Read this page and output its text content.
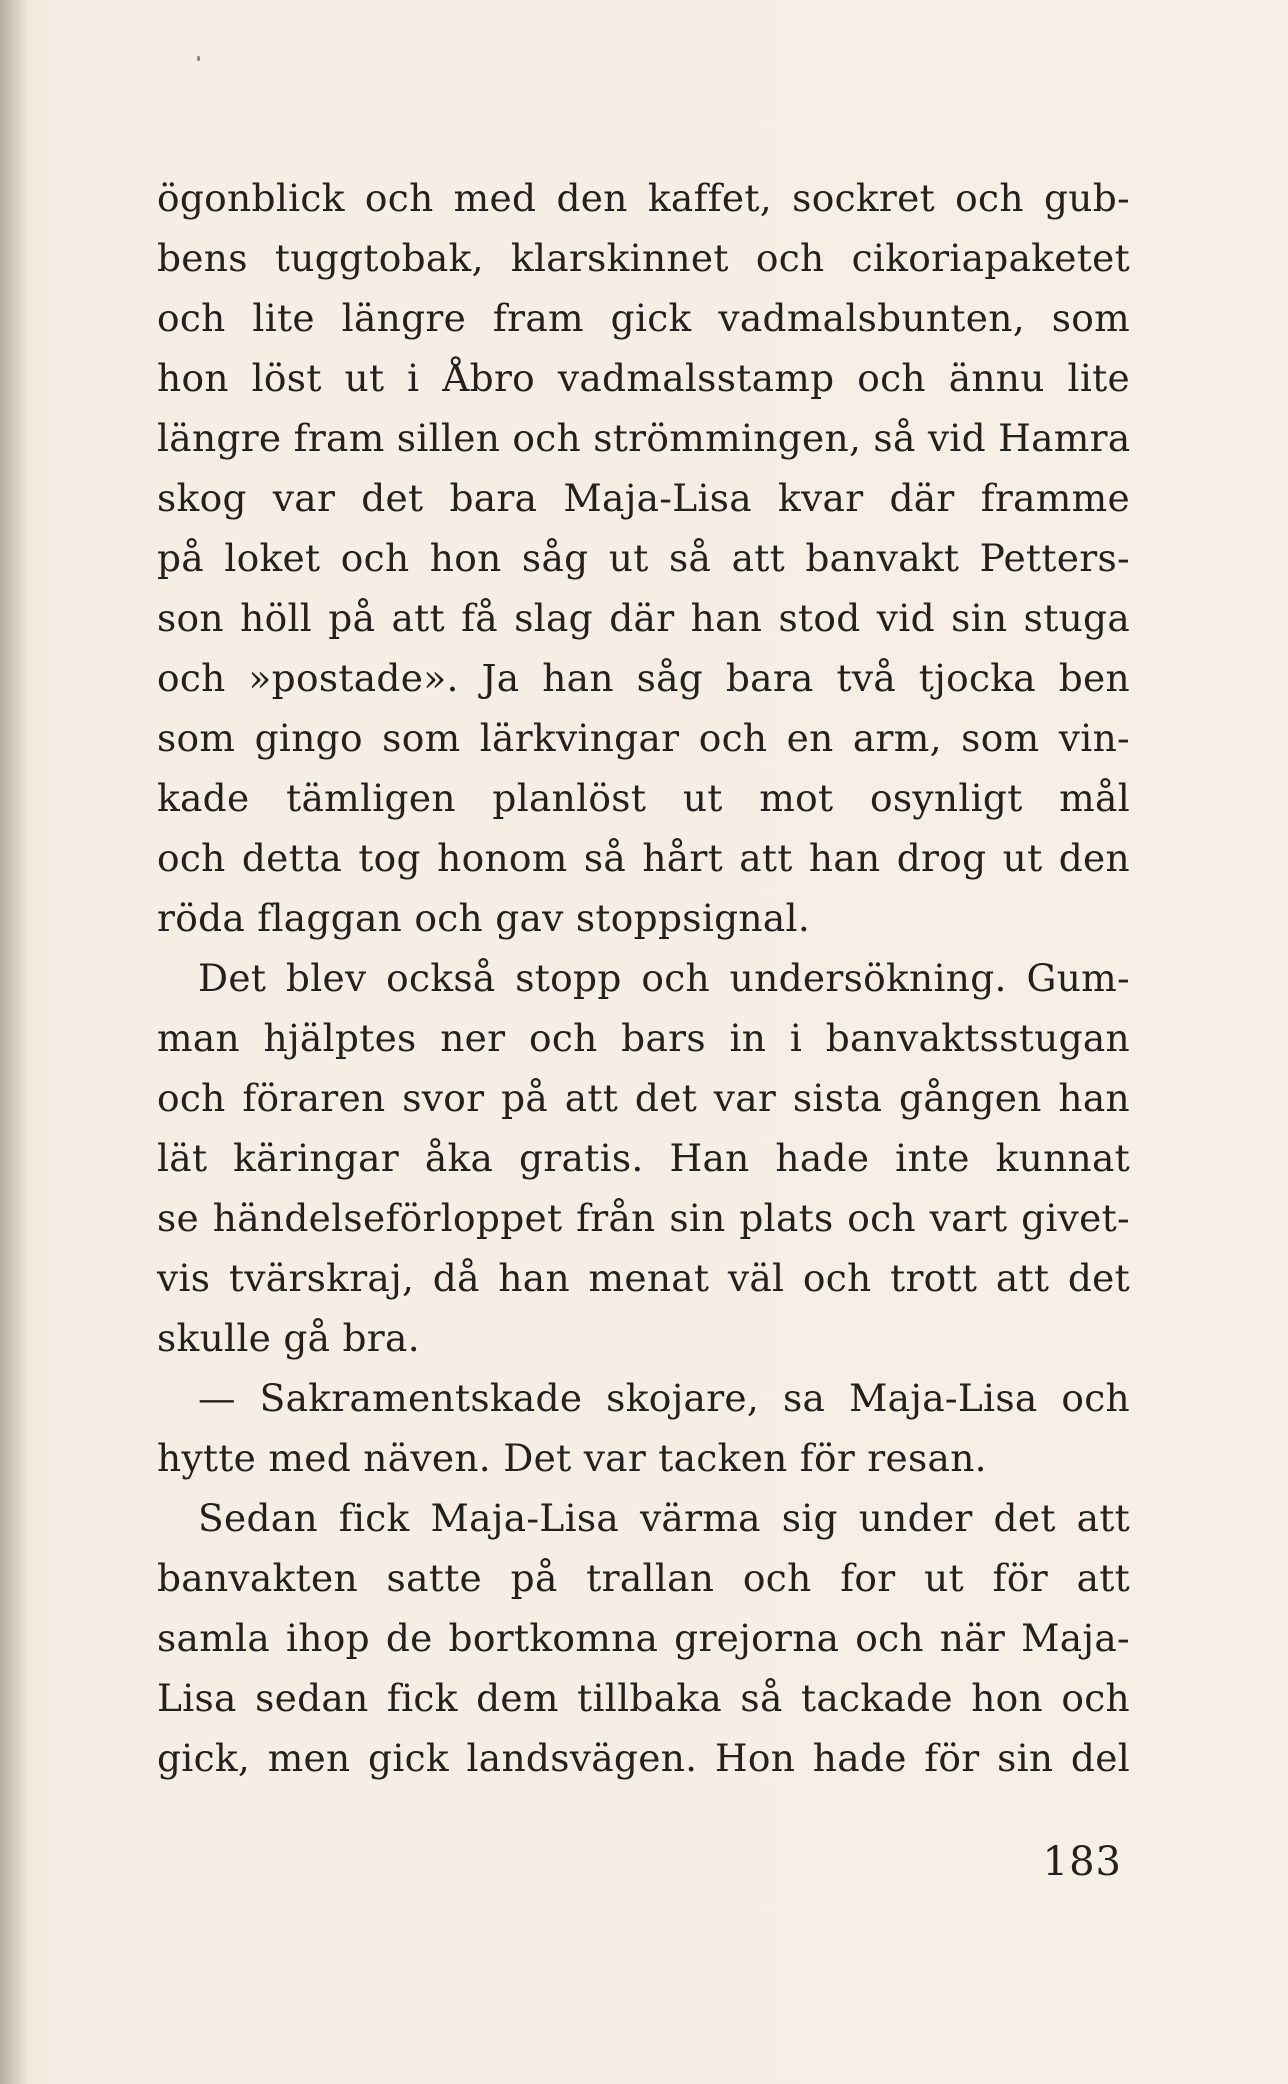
ögonblick och med den kaffet, sockret och gub-
bens tuggtobak, klarskinnet och cikoriapaketet
och lite längre fram gick vadmalsbunten, som
hon löst ut i Åbro vadmalsstamp och ännu lite
längre fram sillen och strömmingen, så vid Hamra
skog var det bara Maja-Lisa kvar där framme
på loket och hon såg ut så att banvakt Petters-
son höll på att få slag där han stod vid sin stuga
och »postade». Ja han såg bara två tjocka ben
som gingo som lärkvingar och en arm, som vin-
kade tämligen planlöst ut mot osynligt mål
och detta tog honom så hårt att han drog ut den
röda flaggan och gav stoppsignal.
Det blev också stopp och undersökning. Gum-
man hjälptes ner och bars in i banvaktsstugan
och föraren svor på att det var sista gången han
lät käringar åka gratis. Han hade inte kunnat
se händelseförloppet från sin plats och vart givet-
vis tvärskraj, då han menat väl och trott att det
skulle gå bra.
— Sakramentskade skojare, sa Maja-Lisa och
hytte med näven. Det var tacken för resan.
Sedan fick Maja-Lisa värma sig under det att
banvakten satte på trallan och for ut för att
samla ihop de bortkomna grejorna och när Maja-
Lisa sedan fick dem tillbaka så tackade hon och
gick, men gick landsvägen. Hon hade för sin del
183
